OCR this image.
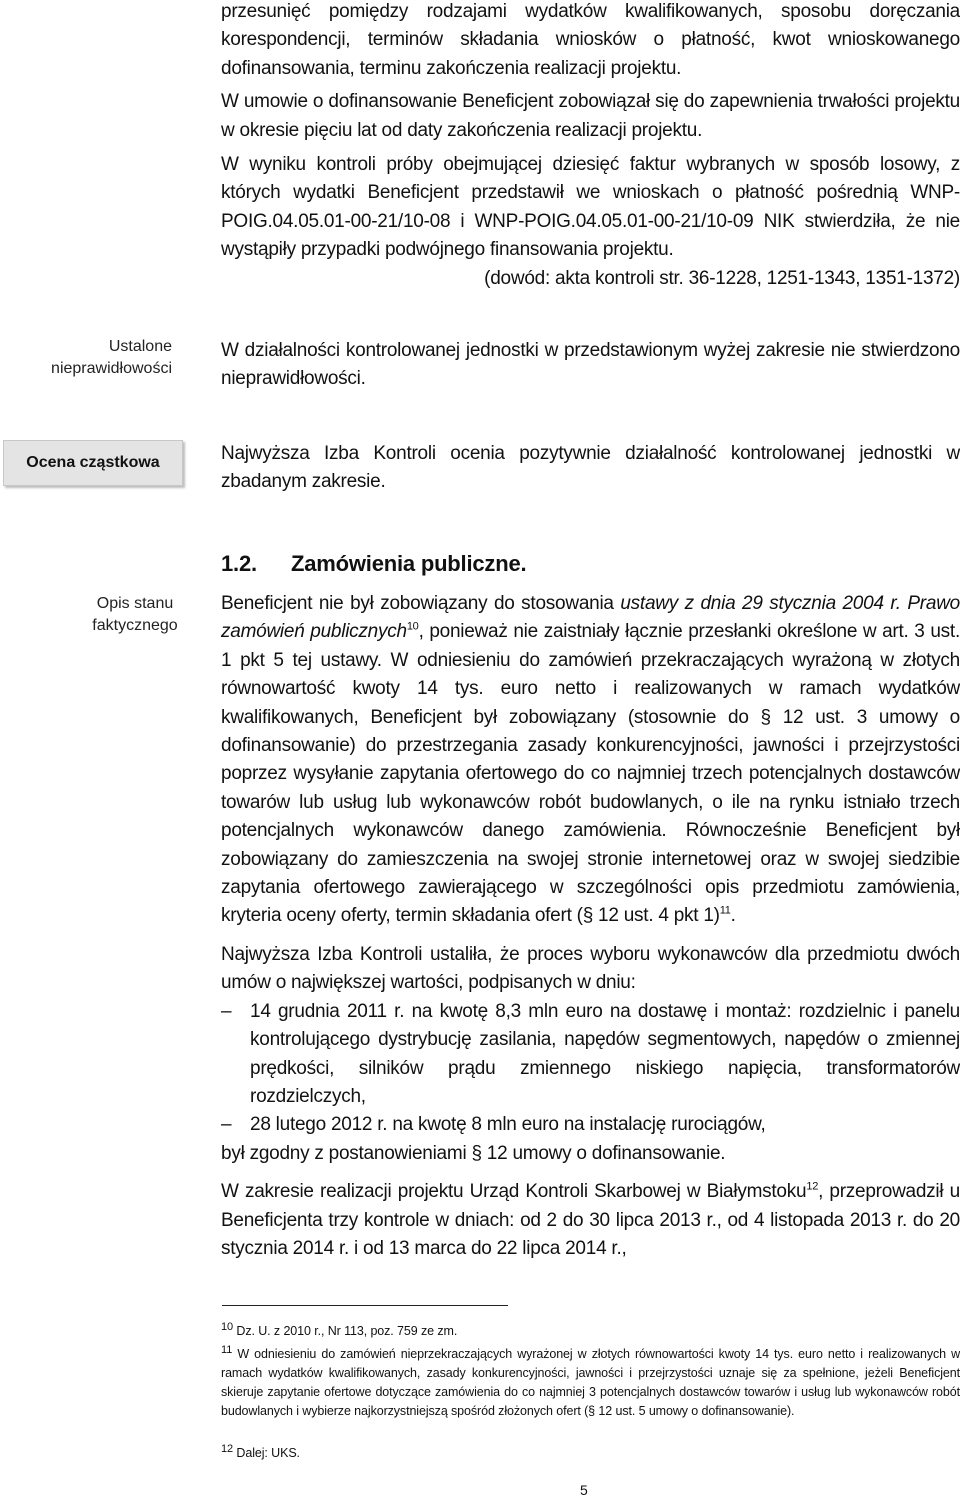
przesunięć pomiędzy rodzajami wydatków kwalifikowanych, sposobu doręczania korespondencji, terminów składania wniosków o płatność, kwot wnioskowanego dofinansowania, terminu zakończenia realizacji projektu.

W umowie o dofinansowanie Beneficjent zobowiązał się do zapewnienia trwałości projektu w okresie pięciu lat od daty zakończenia realizacji projektu.

W wyniku kontroli próby obejmującej dziesięć faktur wybranych w sposób losowy, z których wydatki Beneficjent przedstawił we wnioskach o płatność pośrednią WNP-POIG.04.05.01-00-21/10-08 i WNP-POIG.04.05.01-00-21/10-09 NIK stwierdziła, że nie wystąpiły przypadki podwójnego finansowania projektu.

(dowód: akta kontroli str. 36-1228, 1251-1343, 1351-1372)

Ustalone
nieprawidłowości

W działalności kontrolowanej jednostki w przedstawionym wyżej zakresie nie stwierdzono nieprawidłowości.

Ocena cząstkowa	Najwyższa Izba Kontroli ocenia pozytywnie działalność kontrolowanej jednostki w zbadanym zakresie.

1.2. Zamówienia publiczne.
Opis stanu
faktycznego

Beneficjent nie był zobowiązany do stosowania ustawy z dnia 29 stycznia 2004 r. Prawo zamówień publicznych$^{10}$, ponieważ nie zaistniały łącznie przesłanki określone w art. 3 ust. 1 pkt 5 tej ustawy. W odniesieniu do zamówień przekraczających wyrażoną w złotych równowartość kwoty 14 tys. euro netto i realizowanych w ramach wydatków kwalifikowanych, Beneficjent był zobowiązany (stosownie do § 12 ust. 3 umowy o dofinansowanie) do przestrzegania zasady konkurencyjności, jawności i przejrzystości poprzez wysyłanie zapytania ofertowego do co najmniej trzech potencjalnych dostawców towarów lub usług lub wykonawców robót budowlanych, o ile na rynku istniało trzech potencjalnych wykonawców danego zamówienia. Równocześnie Beneficjent był zobowiązany do zamieszczenia na swojej stronie internetowej oraz w swojej siedzibie zapytania ofertowego zawierającego w szczególności opis przedmiotu zamówienia, kryteria oceny oferty, termin składania ofert (§ 12 ust. 4 pkt 1)$^{11}$.

Najwyższa Izba Kontroli ustaliła, że proces wyboru wykonawców dla przedmiotu dwóch umów o największej wartości, podpisanych w dniu:

– 14 grudnia 2011 r. na kwotę 8,3 mln euro na dostawę i montaż: rozdzielnic i panelu kontrolującego dystrybucję zasilania, napędów segmentowych, napędów o zmiennej prędkości, silników prądu zmiennego niskiego napięcia, transformatorów rozdzielczych,
– 28 lutego 2012 r. na kwotę 8 mln euro na instalację rurociągów,

był zgodny z postanowieniami § 12 umowy o dofinansowanie.

W zakresie realizacji projektu Urząd Kontroli Skarbowej w Białymstoku$^{12}$, przeprowadził u Beneficjenta trzy kontrole w dniach: od 2 do 30 lipca 2013 r., od 4 listopada 2013 r. do 20 stycznia 2014 r. i od 13 marca do 22 lipca 2014 r.,

$^{10}$ Dz. U. z 2010 r., Nr 113, poz. 759 ze zm.
$^{11}$ W odniesieniu do zamówień nieprzekraczających wyrażonej w złotych równowartości kwoty 14 tys. euro netto i realizowanych w ramach wydatków kwalifikowanych, zasady konkurencyjności, jawności i przejrzystości uznaje się za spełnione, jeżeli Beneficjent skieruje zapytanie ofertowe dotyczące zamówienia do co najmniej 3 potencjalnych dostawców towarów i usług lub wykonawców robót budowlanych i wybierze najkorzystniejszą spośród złożonych ofert (§ 12 ust. 5 umowy o dofinansowanie).
$^{12}$ Dalej: UKS.
5
